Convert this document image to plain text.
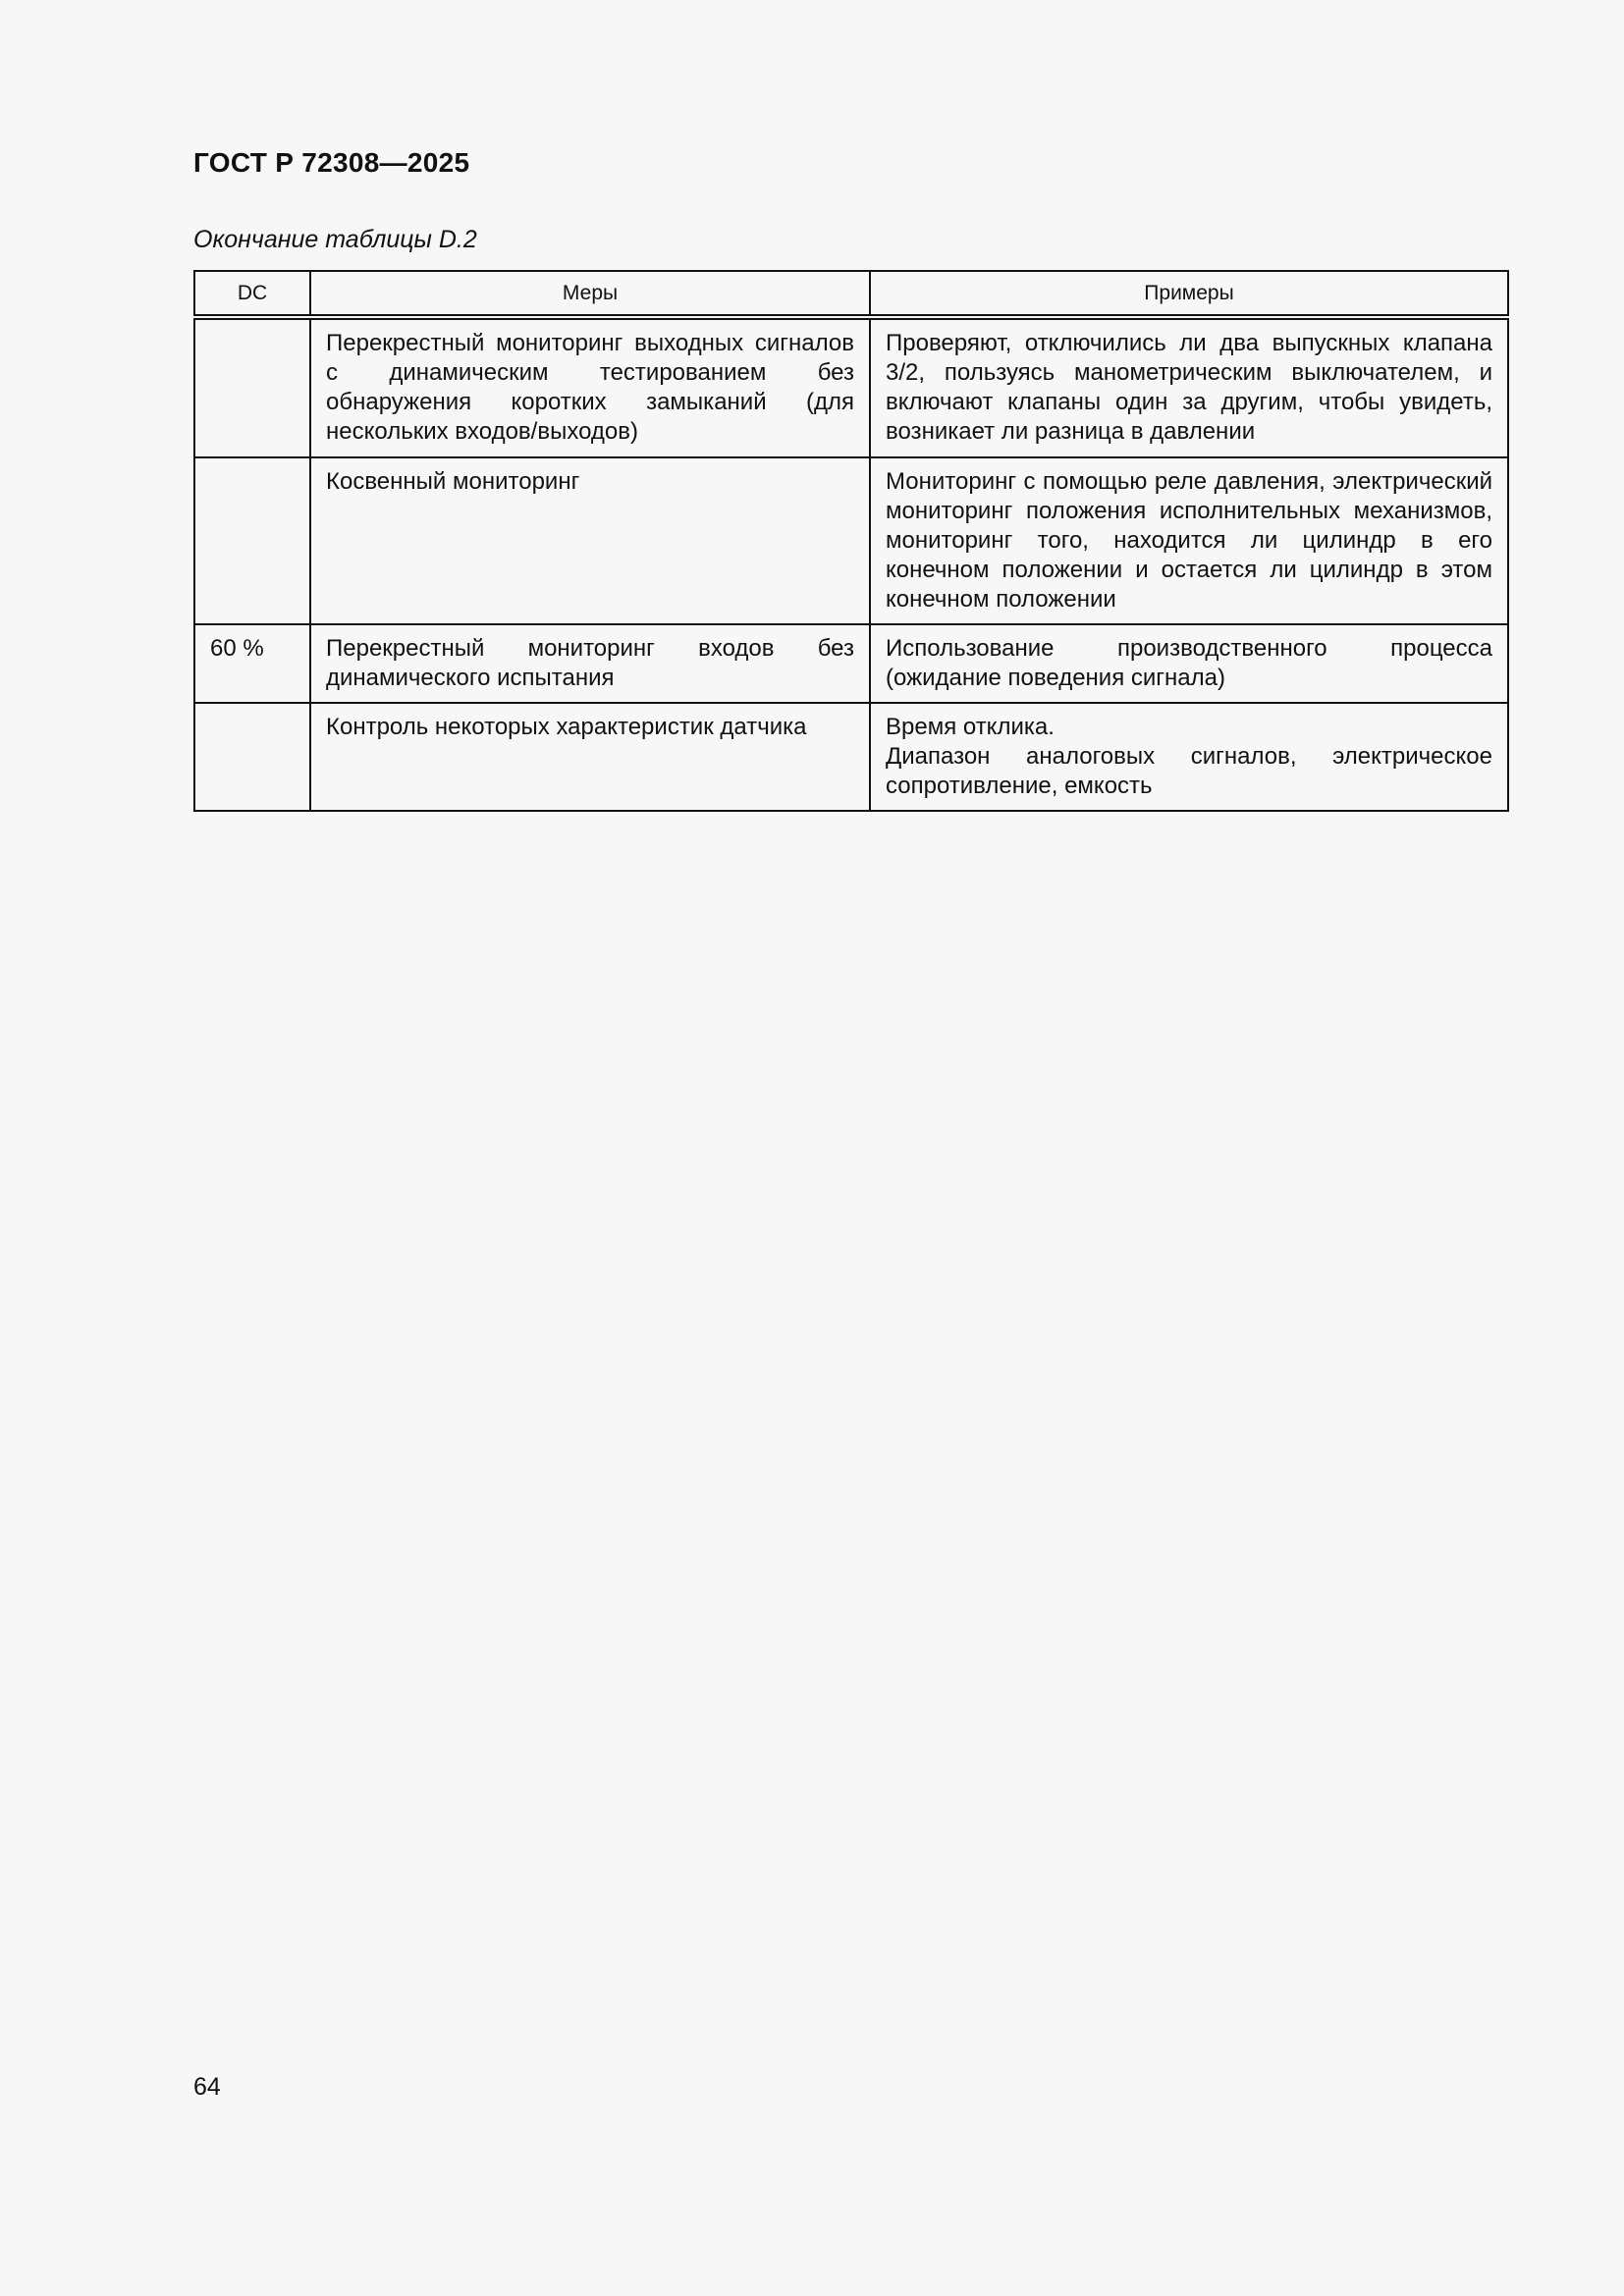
ГОСТ Р 72308—2025
Окончание таблицы D.2
DC	Меры	Примеры
	Перекрестный мониторинг выходных сигналов с динамическим тестированием без обнаружения коротких замыканий (для нескольких входов/выходов)	Проверяют, отключились ли два выпускных клапана 3/2, пользуясь манометрическим выключателем, и включают клапаны один за другим, чтобы увидеть, возникает ли разница в давлении

	Косвенный мониторинг	Мониторинг с помощью реле давления, электрический мониторинг положения исполнительных механизмов, мониторинг того, находится ли цилиндр в его конечном положении и остается ли цилиндр в этом конечном положении

60 %	Перекрестный мониторинг входов без динамического испытания	Использование производственного процесса (ожидание поведения сигнала)

	Контроль некоторых характеристик датчика	Время отклика.
Диапазон аналоговых сигналов, электрическое сопротивление, емкость
64
